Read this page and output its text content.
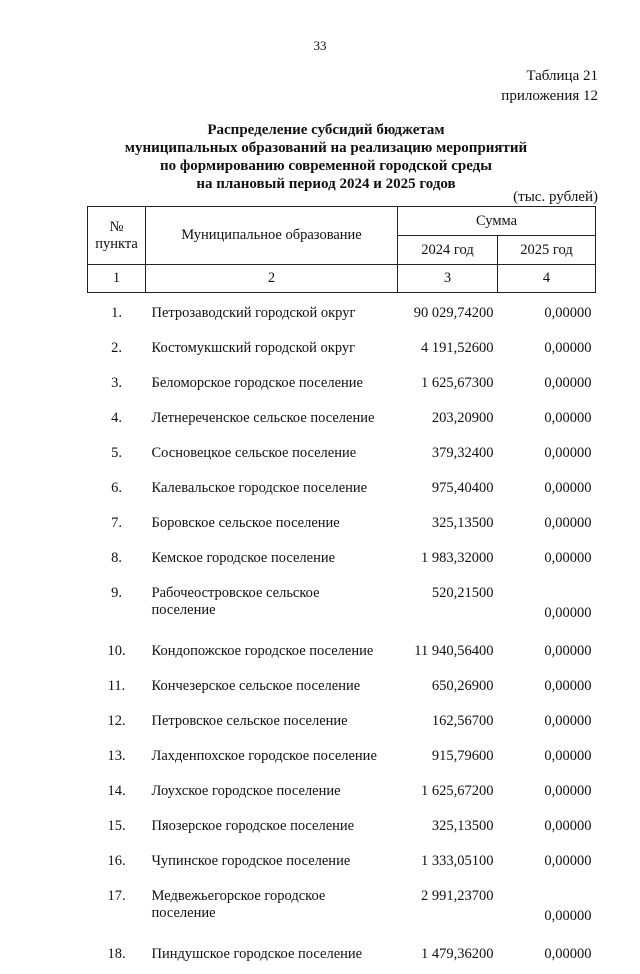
33
Таблица 21
приложения 12
Распределение субсидий бюджетам
муниципальных образований на реализацию мероприятий
по формированию современной городской среды
на плановый период 2024 и 2025 годов
(тыс. рублей)
№
пункта	Муниципальное образование	Сумма	
		2024 год	2025 год
1	2	3	4

1.	Петрозаводский городской округ	90 029,74200	0,00000
2.	Костомукшский городской округ	4 191,52600	0,00000
3.	Беломорское городское поселение	1 625,67300	0,00000
4.	Летнереченское сельское поселение	203,20900	0,00000
5.	Сосновецкое сельское поселение	379,32400	0,00000
6.	Калевальское городское поселение	975,40400	0,00000
7.	Боровское сельское поселение	325,13500	0,00000
8.	Кемское городское поселение	1 983,32000	0,00000
9.	Рабочеостровское сельское
поселение	520,21500	0,00000
10.	Кондопожское городское поселение	11 940,56400	0,00000
11.	Кончезерское сельское поселение	650,26900	0,00000
12.	Петровское сельское поселение	162,56700	0,00000
13.	Лахденпохское городское поселение	915,79600	0,00000
14.	Лоухское городское поселение	1 625,67200	0,00000
15.	Пяозерское городское поселение	325,13500	0,00000
16.	Чупинское городское поселение	1 333,05100	0,00000
17.	Медвежьегорское городское
поселение	2 991,23700	0,00000
18.	Пиндушское городское поселение	1 479,36200	0,00000
